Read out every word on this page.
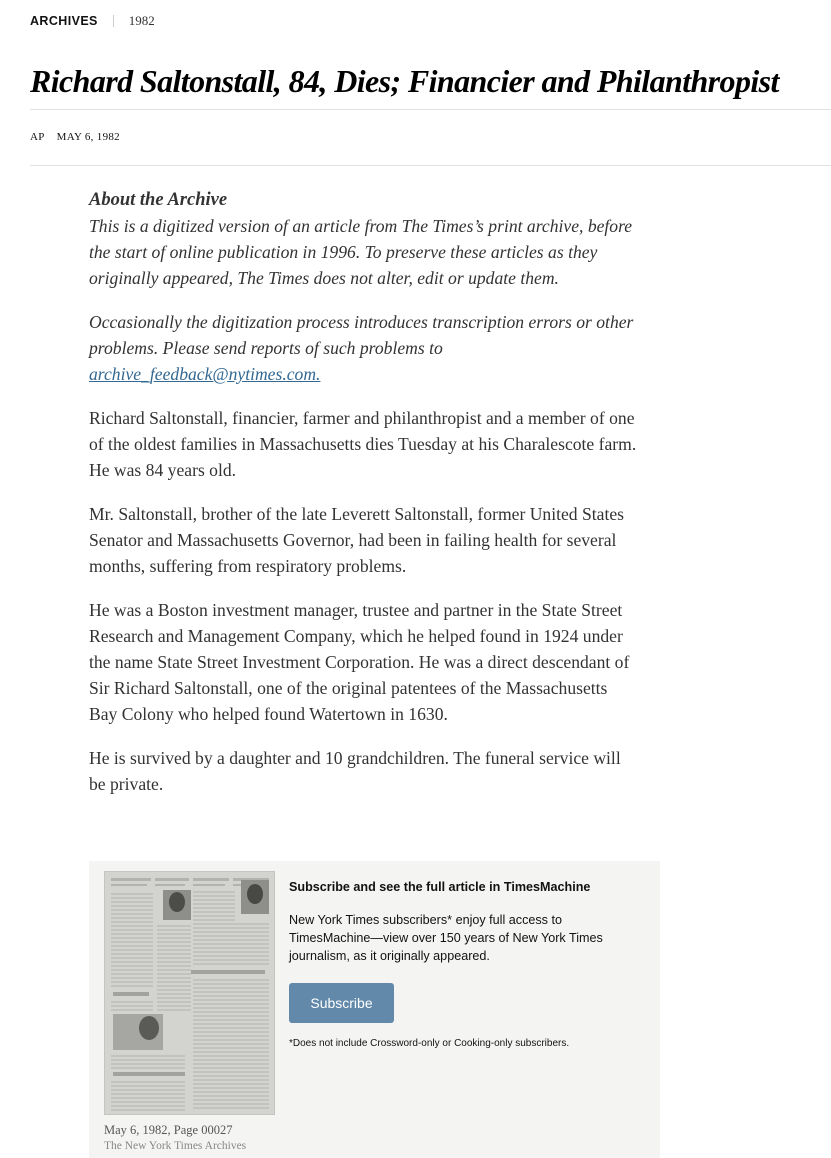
ARCHIVES 1982
Richard Saltonstall, 84, Dies; Financier and Philanthropist
AP MAY 6, 1982
About the Archive

This is a digitized version of an article from The Times’s print archive, before the start of online publication in 1996. To preserve these articles as they originally appeared, The Times does not alter, edit or update them.

Occasionally the digitization process introduces transcription errors or other problems. Please send reports of such problems to archive_feedback@nytimes.com.

Richard Saltonstall, financier, farmer and philanthropist and a member of one of the oldest families in Massachusetts dies Tuesday at his Charalescote farm. He was 84 years old.

Mr. Saltonstall, brother of the late Leverett Saltonstall, former United States Senator and Massachusetts Governor, had been in failing health for several months, suffering from respiratory problems.

He was a Boston investment manager, trustee and partner in the State Street Research and Management Company, which he helped found in 1924 under the name State Street Investment Corporation. He was a direct descendant of Sir Richard Saltonstall, one of the original patentees of the Massachusetts Bay Colony who helped found Watertown in 1630.

He is survived by a daughter and 10 grandchildren. The funeral service will be private.

May 6, 1982, Page 00027
The New York Times Archives
Subscribe and see the full article in TimesMachine

New York Times subscribers* enjoy full access to TimesMachine—view over 150 years of New York Times journalism, as it originally appeared.

Subscribe

*Does not include Crossword-only or Cooking-only subscribers.
